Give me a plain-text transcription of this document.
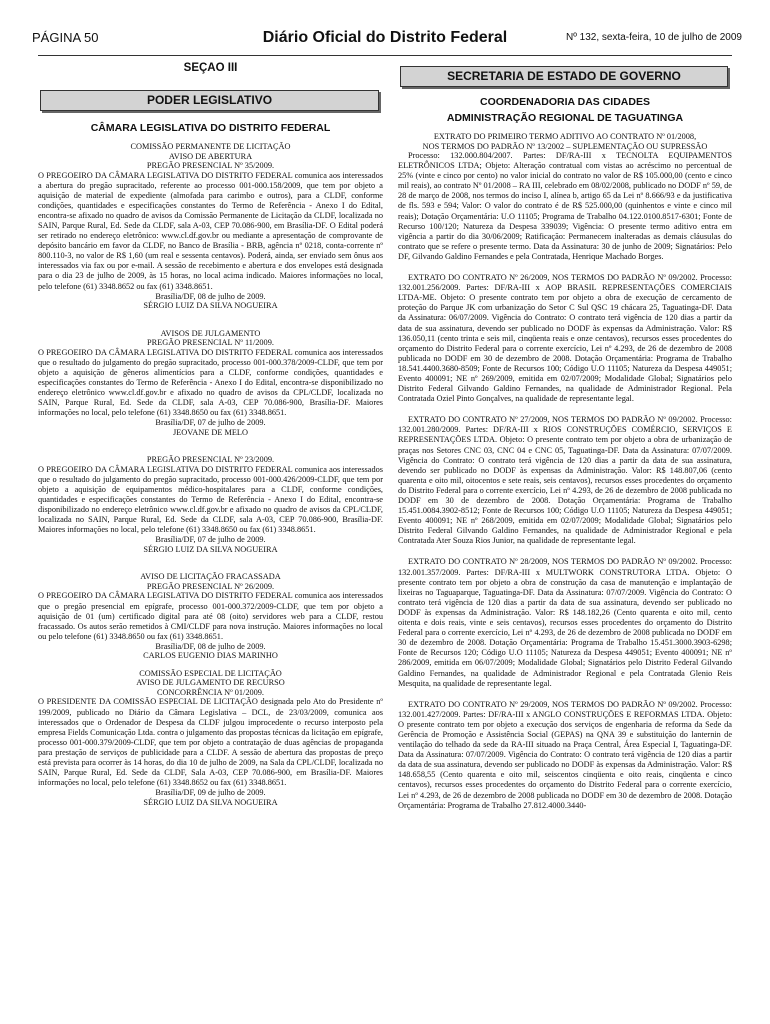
PÁGINA 50	Diário Oficial do Distrito Federal	Nº 132, sexta-feira, 10 de julho de 2009
SEÇÃO III
PODER LEGISLATIVO
CÂMARA LEGISLATIVA DO DISTRITO FEDERAL
COMISSÃO PERMANENTE DE LICITAÇÃO
AVISO DE ABERTURA
PREGÃO PRESENCIAL Nº 35/2009.

O PREGOEIRO DA CÂMARA LEGISLATIVA DO DISTRITO FEDERAL comunica aos interessados a abertura do pregão supracitado, referente ao processo 001-000.158/2009, que tem por objeto a aquisição de material de expediente (almofada para carimbo e outros), para a CLDF, conforme condições, quantidades e especificações constantes do Termo de Referência - Anexo I do Edital, encontra-se afixado no quadro de avisos da Comissão Permanente de Licitação da CLDF, localizada no SAIN, Parque Rural, Ed. Sede da CLDF, sala A-03, CEP 70.086-900, em Brasília-DF. O Edital poderá ser retirado no endereço eletrônico: www.cl.df.gov.br ou mediante a apresentação de comprovante de depósito bancário em favor da CLDF, no Banco de Brasília - BRB, agência nº 0218, conta-corrente nº 800.110-3, no valor de R$ 1,60 (um real e sessenta centavos). Poderá, ainda, ser enviado sem ônus aos interessados via fax ou por e-mail. A sessão de recebimento e abertura e dos envelopes está designada para o dia 23 de julho de 2009, às 15 horas, no local acima indicado. Maiores informações no local, pelo telefone (61) 3348.8652 ou fax (61) 3348.8651.

Brasília/DF, 08 de julho de 2009.
SÉRGIO LUIZ DA SILVA NOGUEIRA
AVISOS DE JULGAMENTO
PREGÃO PRESENCIAL Nº 11/2009.

O PREGOEIRO DA CÂMARA LEGISLATIVA DO DISTRITO FEDERAL comunica aos interessados que o resultado do julgamento do pregão supracitado, processo 001-000.378/2009-CLDF, que tem por objeto a aquisição de gêneros alimentícios para a CLDF, conforme condições, quantidades e especificações constantes do Termo de Referência - Anexo I do Edital, encontra-se disponibilizado no endereço eletrônico www.cl.df.gov.br e afixado no quadro de avisos da CPL/CLDF, localizada no SAIN, Parque Rural, Ed. Sede da CLDF, sala A-03, CEP 70.086-900, Brasília-DF. Maiores informações no local, pelo telefone (61) 3348.8650 ou fax (61) 3348.8651.

Brasília/DF, 07 de julho de 2009.
JEOVANE DE MELO
PREGÃO PRESENCIAL Nº 23/2009.

O PREGOEIRO DA CÂMARA LEGISLATIVA DO DISTRITO FEDERAL comunica aos interessados que o resultado do julgamento do pregão supracitado, processo 001-000.426/2009-CLDF, que tem por objeto a aquisição de equipamentos médico-hospitalares para a CLDF, conforme condições, quantidades e especificações constantes do Termo de Referência - Anexo I do Edital, encontra-se disponibilizado no endereço eletrônico www.cl.df.gov.br e afixado no quadro de avisos da CPL/CLDF, localizada no SAIN, Parque Rural, Ed. Sede da CLDF, sala A-03, CEP 70.086-900, Brasília-DF. Maiores informações no local, pelo telefone (61) 3348.8650 ou fax (61) 3348.8651.

Brasília/DF, 07 de julho de 2009.
SÉRGIO LUIZ DA SILVA NOGUEIRA
AVISO DE LICITAÇÃO FRACASSADA
PREGÃO PRESENCIAL Nº 26/2009.

O PREGOEIRO DA CÂMARA LEGISLATIVA DO DISTRITO FEDERAL comunica aos interessados que o pregão presencial em epígrafe, processo 001-000.372/2009-CLDF, que tem por objeto a aquisição de 01 (um) certificado digital para até 08 (oito) servidores web para a CLDF, restou fracassado. Os autos serão remetidos à CMI/CLDF para nova instrução. Maiores informações no local ou pelo telefone (61) 3348.8650 ou fax (61) 3348.8651.

Brasília/DF, 08 de julho de 2009.
CARLOS EUGENIO DIAS MARINHO
COMISSÃO ESPECIAL DE LICITAÇÃO
AVISO DE JULGAMENTO DE RECURSO
CONCORRÊNCIA Nº 01/2009.

O PRESIDENTE DA COMISSÃO ESPECIAL DE LICITAÇÃO designada pelo Ato do Presidente nº 199/2009, publicado no Diário da Câmara Legislativa – DCL, de 23/03/2009, comunica aos interessados que o Ordenador de Despesa da CLDF julgou improcedente o recurso interposto pela empresa Fields Comunicação Ltda. contra o julgamento das propostas técnicas da licitação em epígrafe, processo 001-000.379/2009-CLDF, que tem por objeto a contratação de duas agências de propaganda para prestação de serviços de publicidade para a CLDF. A sessão de abertura das propostas de preço está prevista para ocorrer às 14 horas, do dia 10 de julho de 2009, na Sala da CPL/CLDF, localizada no SAIN, Parque Rural, Ed. Sede da CLDF, Sala A-03, CEP 70.086-900, em Brasília-DF. Maiores informações no local, pelo telefone (61) 3348.8652 ou fax (61) 3348.8651.

Brasília/DF, 09 de julho de 2009.
SÉRGIO LUIZ DA SILVA NOGUEIRA
SECRETARIA DE ESTADO DE GOVERNO
COORDENADORIA DAS CIDADES
ADMINISTRAÇÃO REGIONAL DE TAGUATINGA
EXTRATO DO PRIMEIRO TERMO ADITIVO AO CONTRATO Nº 01/2008,
NOS TERMOS DO PADRÃO Nº 13/2002 – SUPLEMENTAÇÃO OU SUPRESSÃO

Processo: 132.000.804/2007. Partes: DF/RA-III x TECNOLTA EQUIPAMENTOS ELETRÔNICOS LTDA; Objeto: Alteração contratual com vistas ao acréscimo no percentual de 25% (vinte e cinco por cento) no valor inicial do contrato no valor de R$ 105.000,00 (cento e cinco mil reais), ao contrato Nº 01/2008 – RA III, celebrado em 08/02/2008, publicado no DODF nº 59, de 28 de março de 2008, nos termos do inciso I, alínea b, artigo 65 da Lei nº 8.666/93 e da justificativa de fls. 593 e 594; Valor: O valor do contrato é de R$ 525.000,00 (quinhentos e vinte e cinco mil reais); Dotação Orçamentária: U.O 11105; Programa de Trabalho 04.122.0100.8517-6301; Fonte de Recurso 100/120; Natureza da Despesa 339039; Vigência: O presente termo aditivo entra em vigência a partir do dia 30/06/2009; Ratificação: Permanecem inalteradas as demais cláusulas do contrato que se refere o presente termo. Data da Assinatura: 30 de junho de 2009; Signatários: Pelo DF, Gilvando Galdino Fernandes e pela Contratada, Henrique Machado Borges.

EXTRATO DO CONTRATO Nº 26/2009, NOS TERMOS DO PADRÃO Nº 09/2002. Processo: 132.001.256/2009. Partes: DF/RA-III x AOP BRASIL REPRESENTAÇÕES COMERCIAIS LTDA-ME. Objeto: O presente contrato tem por objeto a obra de execução de cercamento de proteção do Parque JK com urbanização do Setor C Sul QSC 19 chácara 25, Taguatinga-DF. Data da Assinatura: 06/07/2009. Vigência do Contrato: O contrato terá vigência de 120 dias a partir da data de sua assinatura, devendo ser publicado no DODF às expensas da Administração. Valor: R$ 136.050,11 (cento trinta e seis mil, cinqüenta reais e onze centavos), recursos esses procedentes do orçamento do Distrito Federal para o corrente exercício, Lei nº 4.293, de 26 de dezembro de 2008 publicada no DODF em 30 de dezembro de 2008. Dotação Orçamentária: Programa de Trabalho 18.541.4400.3680-8509; Fonte de Recursos 100; Código U.O 11105; Natureza da Despesa 449051; Evento 400091; NE nº 269/2009, emitida em 02/07/2009; Modalidade Global; Signatários pelo Distrito Federal Gilvando Galdino Fernandes, na qualidade de Administrador Regional. Pela Contratada Oziel Pinto Gonçalves, na qualidade de representante legal.

EXTRATO DO CONTRATO Nº 27/2009, NOS TERMOS DO PADRÃO Nº 09/2002. Processo: 132.001.280/2009. Partes: DF/RA-III x RIOS CONSTRUÇÕES COMÉRCIO, SERVIÇOS E REPRESENTAÇÕES LTDA. Objeto: O presente contrato tem por objeto a obra de urbanização de praças nos Setores CNC 03, CNC 04 e CNC 05, Taguatinga-DF. Data da Assinatura: 07/07/2009. Vigência do Contrato: O contrato terá vigência de 120 dias a partir da data de sua assinatura, devendo ser publicado no DODF às expensas da Administração. Valor: R$ 148.807,06 (cento quarenta e oito mil, oitocentos e sete reais, seis centavos), recursos esses procedentes do orçamento do Distrito Federal para o corrente exercício, Lei nº 4.293, de 26 de dezembro de 2008 publicada no DODF em 30 de dezembro de 2008. Dotação Orçamentária: Programa de Trabalho 15.451.0084.3902-8512; Fonte de Recursos 100; Código U.O 11105; Natureza da Despesa 449051; Evento 400091; NE nº 268/2009, emitida em 02/07/2009; Modalidade Global; Signatários pelo Distrito Federal Gilvando Galdino Fernandes, na qualidade de Administrador Regional e pela Contratada Ater Souza Rios Junior, na qualidade de representante legal.

EXTRATO DO CONTRATO Nº 28/2009, NOS TERMOS DO PADRÃO Nº 09/2002. Processo: 132.001.357/2009. Partes: DF/RA-III x MULTWORK CONSTRUTORA LTDA. Objeto: O presente contrato tem por objeto a obra de construção da casa de manutenção e implantação de lixeiras no Taguaparque, Taguatinga-DF. Data da Assinatura: 07/07/2009. Vigência do Contrato: O contrato terá vigência de 120 dias a partir da data de sua assinatura, devendo ser publicado no DODF às expensas da Administração. Valor: R$ 148.182,26 (Cento quarenta e oito mil, cento oitenta e dois reais, vinte e seis centavos), recursos esses procedentes do orçamento do Distrito Federal para o corrente exercício, Lei nº 4.293, de 26 de dezembro de 2008 publicada no DODF em 30 de dezembro de 2008. Dotação Orçamentária: Programa de Trabalho 15.451.3000.3903-6298; Fonte de Recursos 120; Código U.O 11105; Natureza da Despesa 449051; Evento 400091; NE nº 286/2009, emitida em 06/07/2009; Modalidade Global; Signatários pelo Distrito Federal Gilvando Galdino Fernandes, na qualidade de Administrador Regional e pela Contratada Glenio Reis Mesquita, na qualidade de representante legal.

EXTRATO DO CONTRATO Nº 29/2009, NOS TERMOS DO PADRÃO Nº 09/2002. Processo: 132.001.427/2009. Partes: DF/RA-III x ANGLO CONSTRUÇÕES E REFORMAS LTDA. Objeto: O presente contrato tem por objeto a execução dos serviços de engenharia de reforma da Sede da Gerência de Promoção e Assistência Social (GEPAS) na QNA 39 e substituição do lanternin de ventilação do telhado da sede da RA-III situado na Praça Central, Área Especial I, Taguatinga-DF. Data da Assinatura: 07/07/2009. Vigência do Contrato: O contrato terá vigência de 120 dias a partir da data de sua assinatura, devendo ser publicado no DODF às expensas da Administração. Valor: R$ 148.658,55 (Cento quarenta e oito mil, seiscentos cinqüenta e oito reais, cinqüenta e cinco centavos), recursos esses procedentes do orçamento do Distrito Federal para o corrente exercício, Lei nº 4.293, de 26 de dezembro de 2008 publicada no DODF em 30 de dezembro de 2008. Dotação Orçamentária: Programa de Trabalho 27.812.4000.3440-
